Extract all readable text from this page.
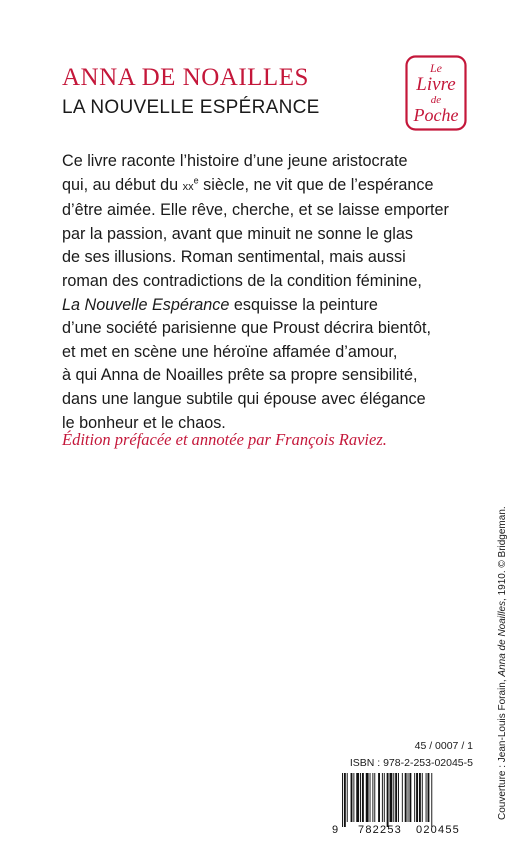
ANNA DE NOAILLES
LA NOUVELLE ESPÉRANCE
Le
Livre
de
Poche
Ce livre raconte l’histoire d’une jeune aristocrate
qui, au début du $xx^e$ siècle, ne vit que de l’espérance
d’être aimée. Elle rêve, cherche, et se laisse emporter
par la passion, avant que minuit ne sonne le glas
de ses illusions. Roman sentimental, mais aussi
roman des contradictions de la condition féminine,
La Nouvelle Espérance esquisse la peinture
d’une société parisienne que Proust décrira bientôt,
et met en scène une héroïne affamée d’amour,
à qui Anna de Noailles prête sa propre sensibilité,
dans une langue subtile qui épouse avec élégance
le bonheur et le chaos.
Édition préfacée et annotée par François Raviez.
Couverture : Jean-Louis Forain, Anna de Noailles, 1910. © Bridgeman.
45 / 0007 / 1
ISBN : 978-2-253-02045-5
9 782253 020455
